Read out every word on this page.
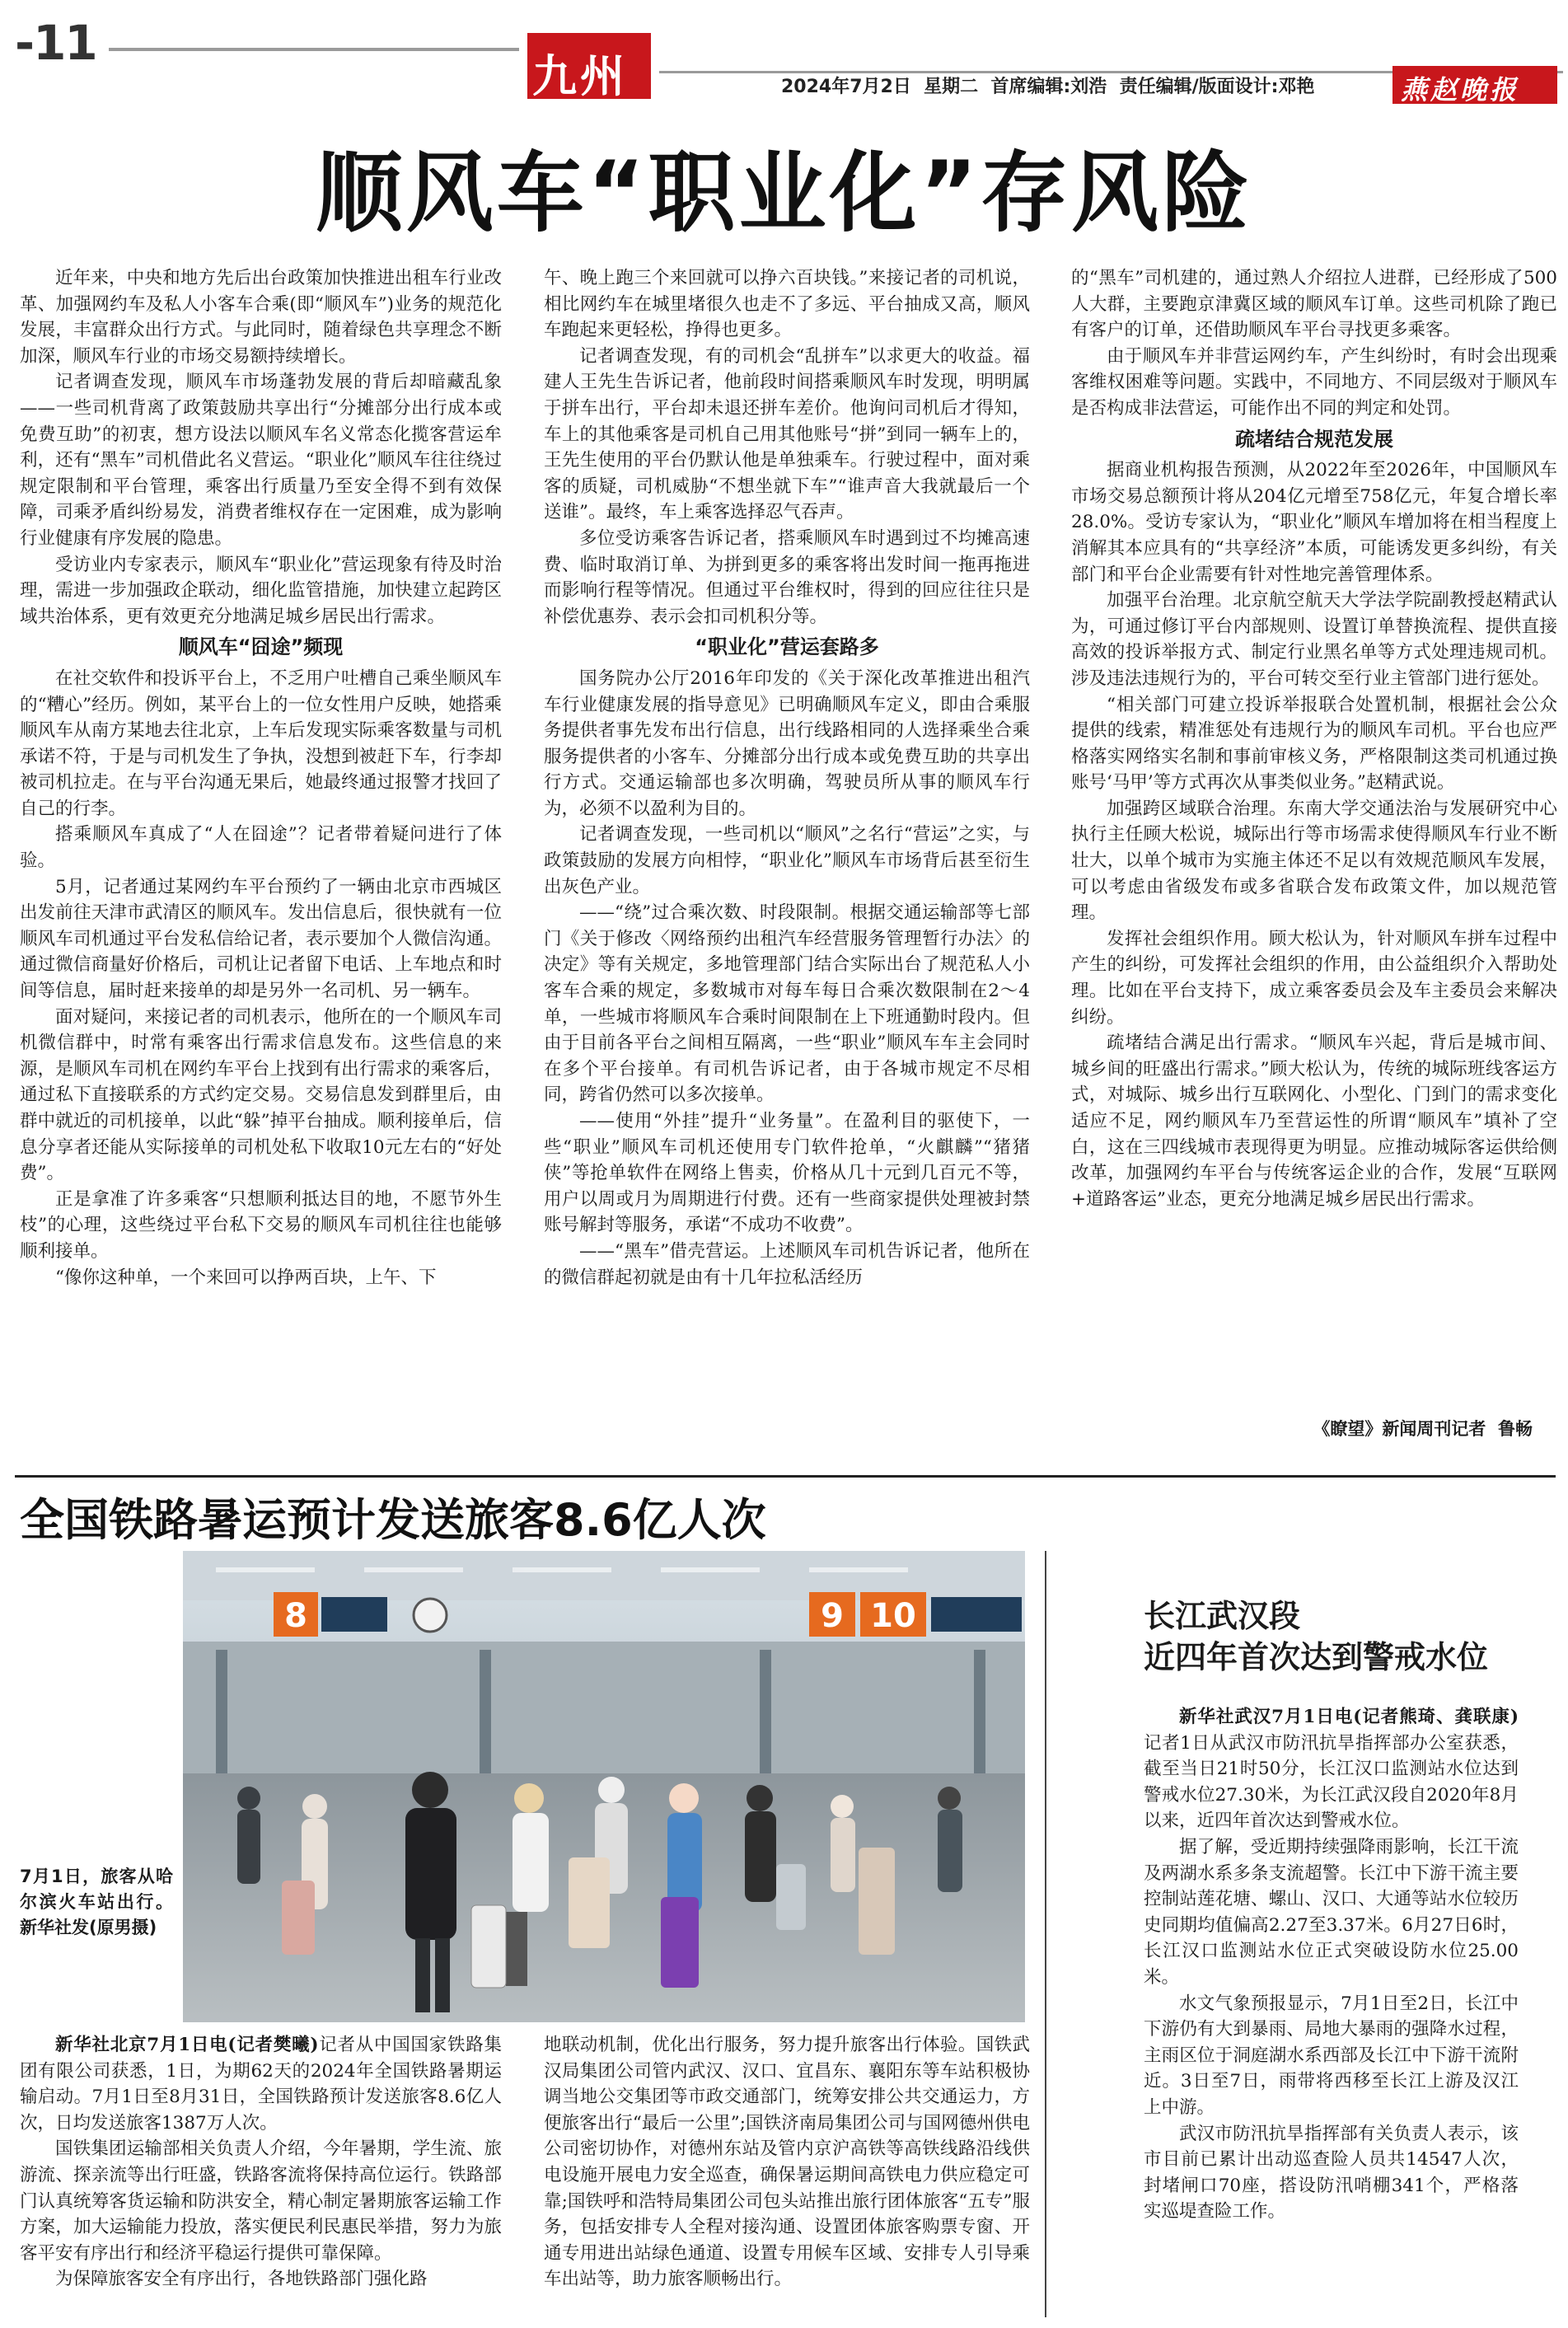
-11
九州	2024年7月2日  星期二  首席编辑:刘浩  责任编辑/版面设计:邓艳	燕赵晚报
顺风车“职业化”存风险

近年来，中央和地方先后出台政策加快推进出租车行业改革、加强网约车及私人小客车合乘(即“顺风车”)业务的规范化发展，丰富群众出行方式。与此同时，随着绿色共享理念不断加深，顺风车行业的市场交易额持续增长。

记者调查发现，顺风车市场蓬勃发展的背后却暗藏乱象——一些司机背离了政策鼓励共享出行“分摊部分出行成本或免费互助”的初衷，想方设法以顺风车名义常态化揽客营运牟利，还有“黑车”司机借此名义营运。“职业化”顺风车往往绕过规定限制和平台管理，乘客出行质量乃至安全得不到有效保障，司乘矛盾纠纷易发，消费者维权存在一定困难，成为影响行业健康有序发展的隐患。

受访业内专家表示，顺风车“职业化”营运现象有待及时治理，需进一步加强政企联动，细化监管措施，加快建立起跨区域共治体系，更有效更充分地满足城乡居民出行需求。

顺风车“囧途”频现

在社交软件和投诉平台上，不乏用户吐槽自己乘坐顺风车的“糟心”经历。例如，某平台上的一位女性用户反映，她搭乘顺风车从南方某地去往北京，上车后发现实际乘客数量与司机承诺不符，于是与司机发生了争执，没想到被赶下车，行李却被司机拉走。在与平台沟通无果后，她最终通过报警才找回了自己的行李。

搭乘顺风车真成了“人在囧途”？记者带着疑问进行了体验。

5月，记者通过某网约车平台预约了一辆由北京市西城区出发前往天津市武清区的顺风车。发出信息后，很快就有一位顺风车司机通过平台发私信给记者，表示要加个人微信沟通。通过微信商量好价格后，司机让记者留下电话、上车地点和时间等信息，届时赶来接单的却是另外一名司机、另一辆车。

面对疑问，来接记者的司机表示，他所在的一个顺风车司机微信群中，时常有乘客出行需求信息发布。这些信息的来源，是顺风车司机在网约车平台上找到有出行需求的乘客后，通过私下直接联系的方式约定交易。交易信息发到群里后，由群中就近的司机接单，以此“躲”掉平台抽成。顺利接单后，信息分享者还能从实际接单的司机处私下收取10元左右的“好处费”。

正是拿准了许多乘客“只想顺利抵达目的地，不愿节外生枝”的心理，这些绕过平台私下交易的顺风车司机往往也能够顺利接单。

“像你这种单，一个来回可以挣两百块，上午、下

午、晚上跑三个来回就可以挣六百块钱。”来接记者的司机说，相比网约车在城里堵很久也走不了多远、平台抽成又高，顺风车跑起来更轻松，挣得也更多。

记者调查发现，有的司机会“乱拼车”以求更大的收益。福建人王先生告诉记者，他前段时间搭乘顺风车时发现，明明属于拼车出行，平台却未退还拼车差价。他询问司机后才得知，车上的其他乘客是司机自己用其他账号“拼”到同一辆车上的，王先生使用的平台仍默认他是单独乘车。行驶过程中，面对乘客的质疑，司机威胁“不想坐就下车”“谁声音大我就最后一个送谁”。最终，车上乘客选择忍气吞声。

多位受访乘客告诉记者，搭乘顺风车时遇到过不均摊高速费、临时取消订单、为拼到更多的乘客将出发时间一拖再拖进而影响行程等情况。但通过平台维权时，得到的回应往往只是补偿优惠券、表示会扣司机积分等。

“职业化”营运套路多

国务院办公厅2016年印发的《关于深化改革推进出租汽车行业健康发展的指导意见》已明确顺风车定义，即由合乘服务提供者事先发布出行信息，出行线路相同的人选择乘坐合乘服务提供者的小客车、分摊部分出行成本或免费互助的共享出行方式。交通运输部也多次明确，驾驶员所从事的顺风车行为，必须不以盈利为目的。

记者调查发现，一些司机以“顺风”之名行“营运”之实，与政策鼓励的发展方向相悖，“职业化”顺风车市场背后甚至衍生出灰色产业。

——“绕”过合乘次数、时段限制。根据交通运输部等七部门《关于修改〈网络预约出租汽车经营服务管理暂行办法〉的决定》等有关规定，多地管理部门结合实际出台了规范私人小客车合乘的规定，多数城市对每车每日合乘次数限制在2～4单，一些城市将顺风车合乘时间限制在上下班通勤时段内。但由于目前各平台之间相互隔离，一些“职业”顺风车车主会同时在多个平台接单。有司机告诉记者，由于各城市规定不尽相同，跨省仍然可以多次接单。

——使用“外挂”提升“业务量”。在盈利目的驱使下，一些“职业”顺风车司机还使用专门软件抢单，“火麒麟”“猪猪侠”等抢单软件在网络上售卖，价格从几十元到几百元不等，用户以周或月为周期进行付费。还有一些商家提供处理被封禁账号解封等服务，承诺“不成功不收费”。

——“黑车”借壳营运。上述顺风车司机告诉记者，他所在的微信群起初就是由有十几年拉私活经历

的“黑车”司机建的，通过熟人介绍拉人进群，已经形成了500人大群，主要跑京津冀区域的顺风车订单。这些司机除了跑已有客户的订单，还借助顺风车平台寻找更多乘客。

由于顺风车并非营运网约车，产生纠纷时，有时会出现乘客维权困难等问题。实践中，不同地方、不同层级对于顺风车是否构成非法营运，可能作出不同的判定和处罚。

疏堵结合规范发展

据商业机构报告预测，从2022年至2026年，中国顺风车市场交易总额预计将从204亿元增至758亿元，年复合增长率28.0%。受访专家认为，“职业化”顺风车增加将在相当程度上消解其本应具有的“共享经济”本质，可能诱发更多纠纷，有关部门和平台企业需要有针对性地完善管理体系。

加强平台治理。北京航空航天大学法学院副教授赵精武认为，可通过修订平台内部规则、设置订单替换流程、提供直接高效的投诉举报方式、制定行业黑名单等方式处理违规司机。涉及违法违规行为的，平台可转交至行业主管部门进行惩处。

“相关部门可建立投诉举报联合处置机制，根据社会公众提供的线索，精准惩处有违规行为的顺风车司机。平台也应严格落实网络实名制和事前审核义务，严格限制这类司机通过换账号‘马甲’等方式再次从事类似业务。”赵精武说。

加强跨区域联合治理。东南大学交通法治与发展研究中心执行主任顾大松说，城际出行等市场需求使得顺风车行业不断壮大，以单个城市为实施主体还不足以有效规范顺风车发展，可以考虑由省级发布或多省联合发布政策文件，加以规范管理。

发挥社会组织作用。顾大松认为，针对顺风车拼车过程中产生的纠纷，可发挥社会组织的作用，由公益组织介入帮助处理。比如在平台支持下，成立乘客委员会及车主委员会来解决纠纷。

疏堵结合满足出行需求。“顺风车兴起，背后是城市间、城乡间的旺盛出行需求。”顾大松认为，传统的城际班线客运方式，对城际、城乡出行互联网化、小型化、门到门的需求变化适应不足，网约顺风车乃至营运性的所谓“顺风车”填补了空白，这在三四线城市表现得更为明显。应推动城际客运供给侧改革，加强网约车平台与传统客运企业的合作，发展“互联网+道路客运”业态，更充分地满足城乡居民出行需求。

《瞭望》新闻周刊记者  鲁畅
全国铁路暑运预计发送旅客8.6亿人次
8	9 10
7月1日，旅客从哈尔滨火车站出行。新华社发(原男摄)

新华社北京7月1日电(记者樊曦)记者从中国国家铁路集团有限公司获悉，1日，为期62天的2024年全国铁路暑期运输启动。7月1日至8月31日，全国铁路预计发送旅客8.6亿人次，日均发送旅客1387万人次。

国铁集团运输部相关负责人介绍，今年暑期，学生流、旅游流、探亲流等出行旺盛，铁路客流将保持高位运行。铁路部门认真统筹客货运输和防洪安全，精心制定暑期旅客运输工作方案，加大运输能力投放，落实便民利民惠民举措，努力为旅客平安有序出行和经济平稳运行提供可靠保障。

为保障旅客安全有序出行，各地铁路部门强化路

地联动机制，优化出行服务，努力提升旅客出行体验。国铁武汉局集团公司管内武汉、汉口、宜昌东、襄阳东等车站积极协调当地公交集团等市政交通部门，统筹安排公共交通运力，方便旅客出行“最后一公里”;国铁济南局集团公司与国网德州供电公司密切协作，对德州东站及管内京沪高铁等高铁线路沿线供电设施开展电力安全巡查，确保暑运期间高铁电力供应稳定可靠;国铁呼和浩特局集团公司包头站推出旅行团体旅客“五专”服务，包括安排专人全程对接沟通、设置团体旅客购票专窗、开通专用进出站绿色通道、设置专用候车区域、安排专人引导乘车出站等，助力旅客顺畅出行。

长江武汉段
近四年首次达到警戒水位

新华社武汉7月1日电(记者熊琦、龚联康)记者1日从武汉市防汛抗旱指挥部办公室获悉，截至当日21时50分，长江汉口监测站水位达到警戒水位27.30米，为长江武汉段自2020年8月以来，近四年首次达到警戒水位。

据了解，受近期持续强降雨影响，长江干流及两湖水系多条支流超警。长江中下游干流主要控制站莲花塘、螺山、汉口、大通等站水位较历史同期均值偏高2.27至3.37米。6月27日6时，长江汉口监测站水位正式突破设防水位25.00米。

水文气象预报显示，7月1日至2日，长江中下游仍有大到暴雨、局地大暴雨的强降水过程，主雨区位于洞庭湖水系西部及长江中下游干流附近。3日至7日，雨带将西移至长江上游及汉江上中游。

武汉市防汛抗旱指挥部有关负责人表示，该市目前已累计出动巡查险人员共14547人次，封堵闸口70座，搭设防汛哨棚341个，严格落实巡堤查险工作。
